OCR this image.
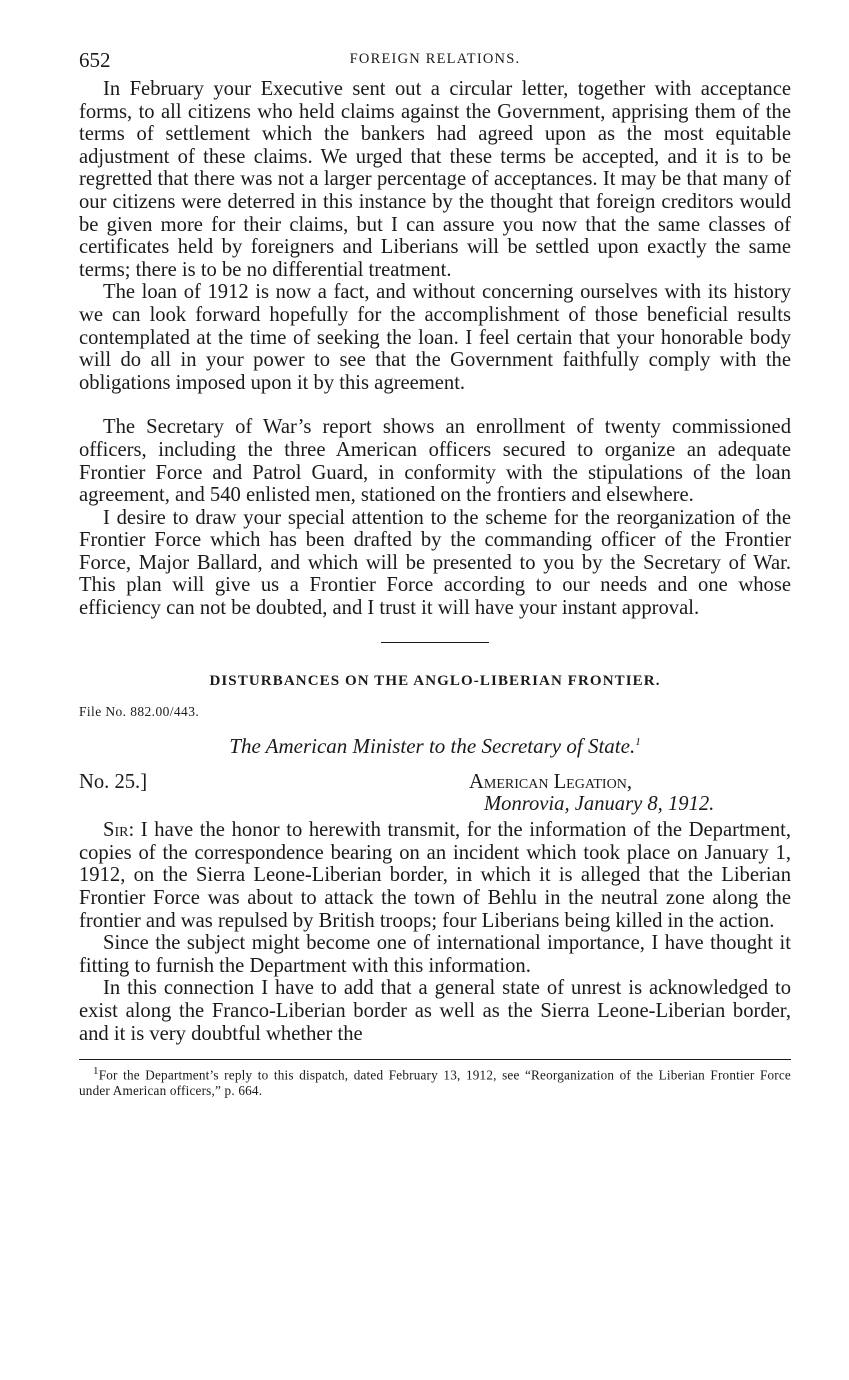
652	FOREIGN RELATIONS.

In February your Executive sent out a circular letter, together with acceptance forms, to all citizens who held claims against the Government, apprising them of the terms of settlement which the bankers had agreed upon as the most equitable adjustment of these claims. We urged that these terms be accepted, and it is to be regretted that there was not a larger percentage of acceptances. It may be that many of our citizens were deterred in this instance by the thought that foreign creditors would be given more for their claims, but I can assure you now that the same classes of certificates held by foreigners and Liberians will be settled upon exactly the same terms; there is to be no differential treatment.

The loan of 1912 is now a fact, and without concerning ourselves with its history we can look forward hopefully for the accomplishment of those beneficial results contemplated at the time of seeking the loan. I feel certain that your honorable body will do all in your power to see that the Government faithfully comply with the obligations imposed upon it by this agreement.

The Secretary of War’s report shows an enrollment of twenty commissioned officers, including the three American officers secured to organize an adequate Frontier Force and Patrol Guard, in conformity with the stipulations of the loan agreement, and 540 enlisted men, stationed on the frontiers and elsewhere.

I desire to draw your special attention to the scheme for the reorganization of the Frontier Force which has been drafted by the commanding officer of the Frontier Force, Major Ballard, and which will be presented to you by the Secretary of War. This plan will give us a Frontier Force according to our needs and one whose efficiency can not be doubted, and I trust it will have your instant approval.

DISTURBANCES ON THE ANGLO-LIBERIAN FRONTIER.
File No. 882.00/443.
The American Minister to the Secretary of State.$^1$
No. 25.]	American Legation,
Monrovia, January 8, 1912.

Sir: I have the honor to herewith transmit, for the information of the Department, copies of the correspondence bearing on an incident which took place on January 1, 1912, on the Sierra Leone-Liberian border, in which it is alleged that the Liberian Frontier Force was about to attack the town of Behlu in the neutral zone along the frontier and was repulsed by British troops; four Liberians being killed in the action.

Since the subject might become one of international importance, I have thought it fitting to furnish the Department with this information.

In this connection I have to add that a general state of unrest is acknowledged to exist along the Franco-Liberian border as well as the Sierra Leone-Liberian border, and it is very doubtful whether the

$^1$For the Department’s reply to this dispatch, dated February 13, 1912, see “Reorganization of the Liberian Frontier Force under American officers,” p. 664.
